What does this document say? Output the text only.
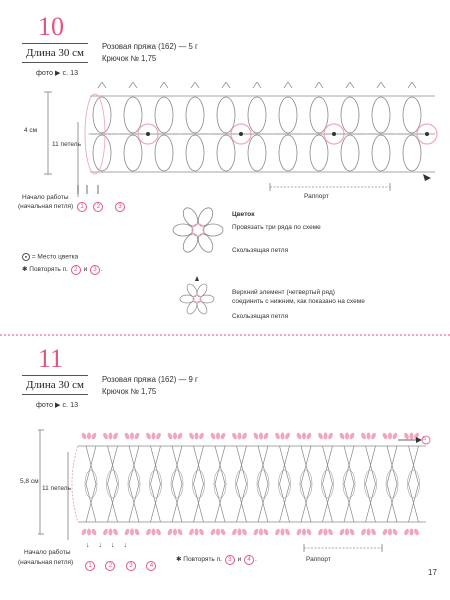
10
Длина 30 см
фото ▶ с. 13
Розовая пряжа (162) — 5 г
Крючок № 1,75
4 см
11 петель
Раппорт
Начало работы
(начальная петля)	1 2	3
● = Место цветка
✱ Повторять п. 2 и 3 .
Цветок
Провязать три ряда по схеме
Скользящая петля
Верхний элемент (четвертый ряд)
соединить с нижним, как показано на схеме
Скользящая петля
11
Длина 30 см
фото ▶ с. 13
Розовая пряжа (162) — 9 г
Крючок № 1,75
5,8 см
11 петель
5
Раппорт
Начало работы
(начальная петля)
↓↓↓↓
1	2	3	4
✱ Повторять п. 3 и 4 .
17
